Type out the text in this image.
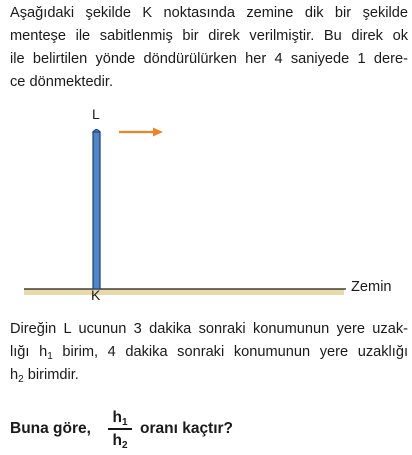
Aşağıdaki şekilde K noktasında zemine dik bir şekilde
menteşe ile sabitlenmiş bir direk verilmiştir. Bu direk ok
ile belirtilen yönde döndürülürken her 4 saniyede 1 dere-
ce dönmektedir.
L
K	Zemin
Direğin L ucunun 3 dakika sonraki konumunun yere uzak-
lığı $h_1$ birim, 4 dakika sonraki konumunun yere uzaklığı
$h_2$ birimdir.
Buna göre,
$h_1$
$h_2$
oranı kaçtır?
